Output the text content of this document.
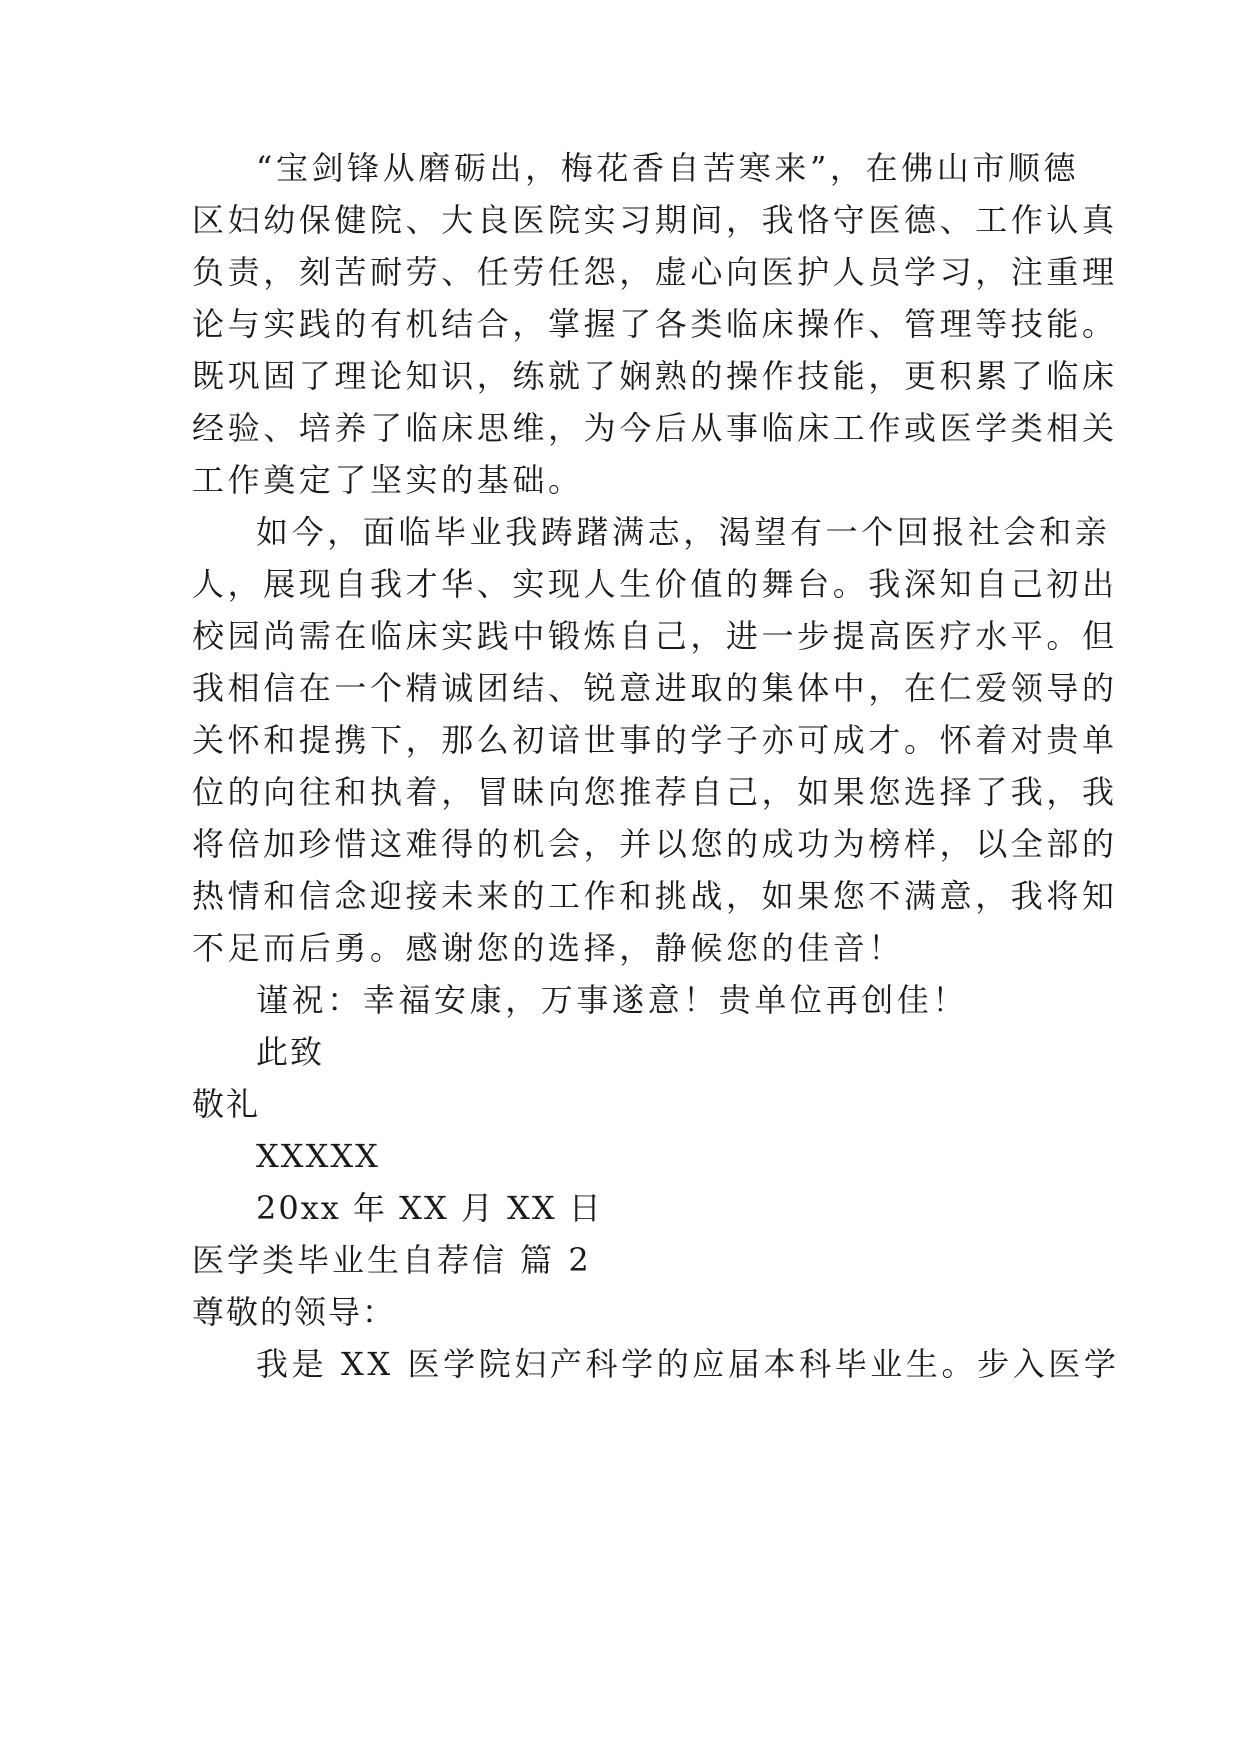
“宝剑锋从磨砺出，梅花香自苦寒来”，在佛山市顺德
区妇幼保健院、大良医院实习期间，我恪守医德、工作认真
负责，刻苦耐劳、任劳任怨，虚心向医护人员学习，注重理
论与实践的有机结合，掌握了各类临床操作、管理等技能。
既巩固了理论知识，练就了娴熟的操作技能，更积累了临床
经验、培养了临床思维，为今后从事临床工作或医学类相关
工作奠定了坚实的基础。
如今，面临毕业我踌躇满志，渴望有一个回报社会和亲
人，展现自我才华、实现人生价值的舞台。我深知自己初出
校园尚需在临床实践中锻炼自己，进一步提高医疗水平。但
我相信在一个精诚团结、锐意进取的集体中，在仁爱领导的
关怀和提携下，那么初谙世事的学子亦可成才。怀着对贵单
位的向往和执着，冒昧向您推荐自己，如果您选择了我，我
将倍加珍惜这难得的机会，并以您的成功为榜样，以全部的
热情和信念迎接未来的工作和挑战，如果您不满意，我将知
不足而后勇。感谢您的选择，静候您的佳音！
谨祝：幸福安康，万事遂意！贵单位再创佳！
此致
敬礼
XXXXX
20xx 年 XX 月 XX 日
医学类毕业生自荐信 篇 2
尊敬的领导：
我是 XX 医学院妇产科学的应届本科毕业生。步入医学
